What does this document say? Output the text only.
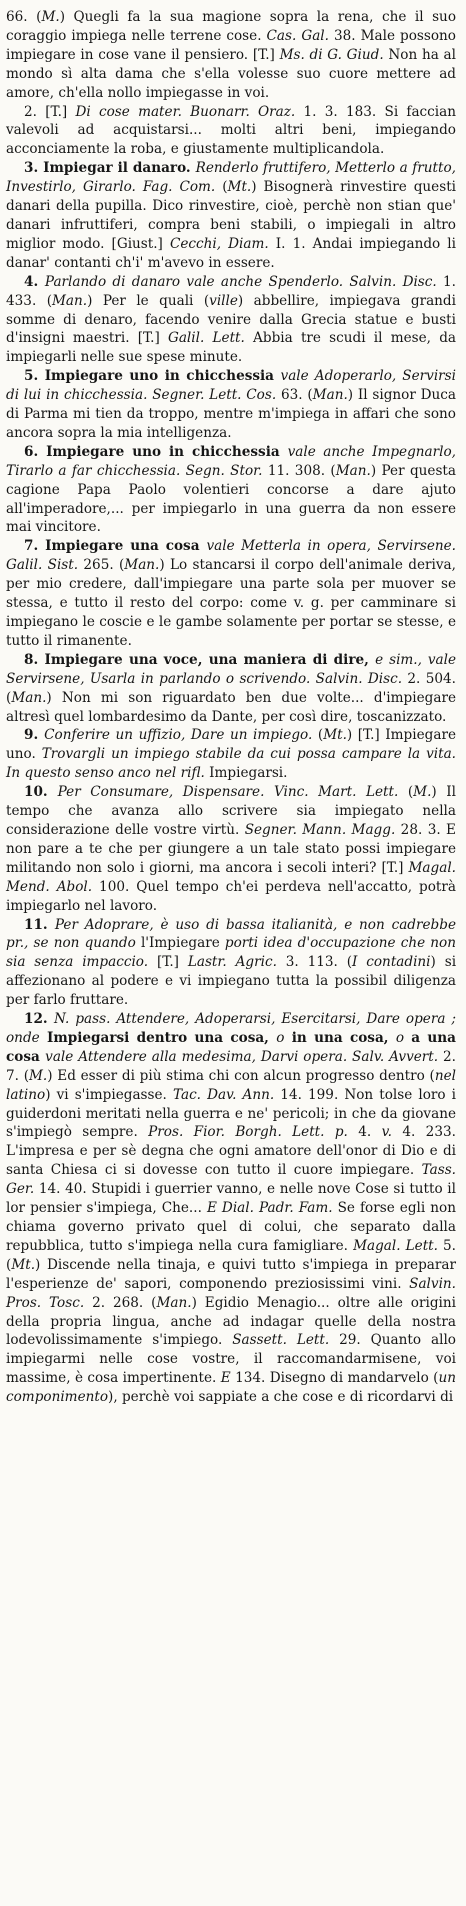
66. (M.) Quegli fa la sua magione sopra la rena, che il suo coraggio impiega nelle terrene cose. Cas. Gal. 38. Male possono impiegare in cose vane il pensiero. [T.] Ms. di G. Giud. Non ha al mondo sì alta dama che s'ella volesse suo cuore mettere ad amore, ch'ella nollo impiegasse in voi.

2. [T.] Di cose mater. Buonarr. Oraz. 1. 3. 183. Si faccian valevoli ad acquistarsi... molti altri beni, impiegando acconciamente la roba, e giustamente multiplicandola.

3. Impiegar il danaro. Renderlo fruttifero, Metterlo a frutto, Investirlo, Girarlo. Fag. Com. (Mt.) Bisognerà rinvestire questi danari della pupilla. Dico rinvestire, cioè, perchè non stian que' danari infruttiferi, compra beni stabili, o impiegali in altro miglior modo. [Giust.] Cecchi, Diam. I. 1. Andai impiegando li danar' contanti ch'i' m'avevo in essere.

4. Parlando di danaro vale anche Spenderlo. Salvin. Disc. 1. 433. (Man.) Per le quali (ville) abbellire, impiegava grandi somme di denaro, facendo venire dalla Grecia statue e busti d'insigni maestri. [T.] Galil. Lett. Abbia tre scudi il mese, da impiegarli nelle sue spese minute.

5. Impiegare uno in chicchessia vale Adoperarlo, Servirsi di lui in chicchessia. Segner. Lett. Cos. 63. (Man.) Il signor Duca di Parma mi tien da troppo, mentre m'impiega in affari che sono ancora sopra la mia intelligenza.

6. Impiegare uno in chicchessia vale anche Impegnarlo, Tirarlo a far chicchessia. Segn. Stor. 11. 308. (Man.) Per questa cagione Papa Paolo volentieri concorse a dare ajuto all'imperadore,... per impiegarlo in una guerra da non essere mai vincitore.

7. Impiegare una cosa vale Metterla in opera, Servirsene. Galil. Sist. 265. (Man.) Lo stancarsi il corpo dell'animale deriva, per mio credere, dall'impiegare una parte sola per muover se stessa, e tutto il resto del corpo: come v. g. per camminare si impiegano le coscie e le gambe solamente per portar se stesse, e tutto il rimanente.

8. Impiegare una voce, una maniera di dire, e sim., vale Servirsene, Usarla in parlando o scrivendo. Salvin. Disc. 2. 504. (Man.) Non mi son riguardato ben due volte... d'impiegare altresì quel lombardesimo da Dante, per così dire, toscanizzato.

9. Conferire un uffizio, Dare un impiego. (Mt.) [T.] Impiegare uno. Trovargli un impiego stabile da cui possa campare la vita. In questo senso anco nel rifl. Impiegarsi.

10. Per Consumare, Dispensare. Vinc. Mart. Lett. (M.) Il tempo che avanza allo scrivere sia impiegato nella considerazione delle vostre virtù. Segner. Mann. Magg. 28. 3. E non pare a te che per giungere a un tale stato possi impiegare militando non solo i giorni, ma ancora i secoli interi? [T.] Magal. Mend. Abol. 100. Quel tempo ch'ei perdeva nell'accatto, potrà impiegarlo nel lavoro.

11. Per Adoprare, è uso di bassa italianità, e non cadrebbe pr., se non quando l'Impiegare porti idea d'occupazione che non sia senza impaccio. [T.] Lastr. Agric. 3. 113. (I contadini) si affezionano al podere e vi impiegano tutta la possibil diligenza per farlo fruttare.

12. N. pass. Attendere, Adoperarsi, Esercitarsi, Dare opera ; onde Impiegarsi dentro una cosa, o in una cosa, o a una cosa vale Attendere alla medesima, Darvi opera. Salv. Avvert. 2. 7. (M.) Ed esser di più stima chi con alcun progresso dentro (nel latino) vi s'impiegasse. Tac. Dav. Ann. 14. 199. Non tolse loro i guiderdoni meritati nella guerra e ne' pericoli; in che da giovane s'impiegò sempre. Pros. Fior. Borgh. Lett. p. 4. v. 4. 233. L'impresa e per sè degna che ogni amatore dell'onor di Dio e di santa Chiesa ci si dovesse con tutto il cuore impiegare. Tass. Ger. 14. 40. Stupidi i guerrier vanno, e nelle nove Cose si tutto il lor pensier s'impiega, Che... E Dial. Padr. Fam. Se forse egli non chiama governo privato quel di colui, che separato dalla repubblica, tutto s'impiega nella cura famigliare. Magal. Lett. 5. (Mt.) Discende nella tinaja, e quivi tutto s'impiega in preparar l'esperienze de' sapori, componendo preziosissimi vini. Salvin. Pros. Tosc. 2. 268. (Man.) Egidio Menagio... oltre alle origini della propria lingua, anche ad indagar quelle della nostra lodevolissimamente s'impiego. Sassett. Lett. 29. Quanto allo impiegarmi nelle cose vostre, il raccomandarmisene, voi massime, è cosa impertinente. E 134. Disegno di mandarvelo (un componimento), perchè voi sappiate a che cose e di ricordarvi di
